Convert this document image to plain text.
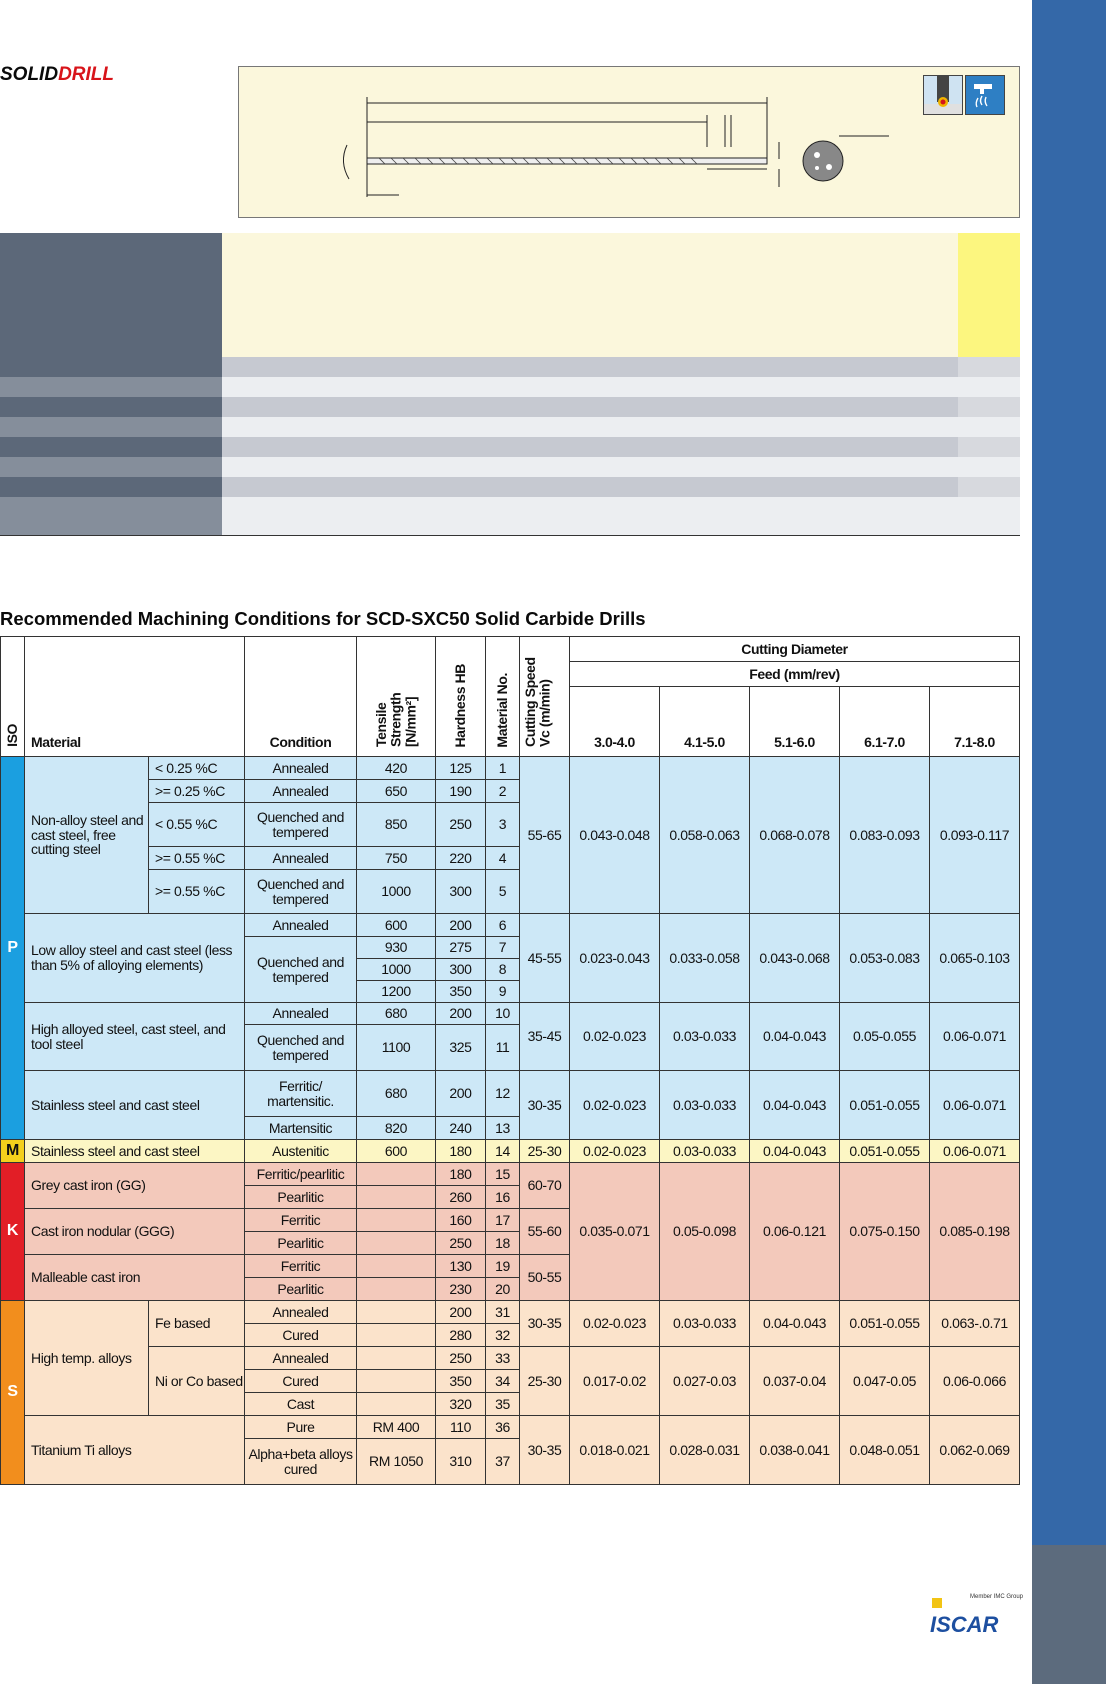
SOLIDDRILL
Recommended Machining Conditions for SCD-SXC50 Solid Carbide Drills
ISO	Material		Condition	Tensile Strength [N/mm²]	Hardness HB	Material No.	Cutting Speed Vc (m/min)	Cutting Diameter				
								Feed (mm/rev)				
								3.0-4.0	4.1-5.0	5.1-6.0	6.1-7.0	7.1-8.0
P	Non-alloy steel and cast steel, free cutting steel	< 0.25 %C	Annealed	420	125	1	55-65	0.043-0.048	0.058-0.063	0.068-0.078	0.083-0.093	0.093-0.117
		>= 0.25 %C	Annealed	650	190	2						
		< 0.55 %C	Quenched and tempered	850	250	3						
		>= 0.55 %C	Annealed	750	220	4						
		>= 0.55 %C	Quenched and tempered	1000	300	5						
	Low alloy steel and cast steel (less than 5% of alloying elements)		Annealed	600	200	6	45-55	0.023-0.043	0.033-0.058	0.043-0.068	0.053-0.083	0.065-0.103
			Quenched and tempered	930	275	7						
				1000	300	8						
				1200	350	9						
	High alloyed steel, cast steel, and tool steel		Annealed	680	200	10	35-45	0.02-0.023	0.03-0.033	0.04-0.043	0.05-0.055	0.06-0.071
			Quenched and tempered	1100	325	11						
	Stainless steel and cast steel		Ferritic/ martensitic.	680	200	12	30-35	0.02-0.023	0.03-0.033	0.04-0.043	0.051-0.055	0.06-0.071
			Martensitic	820	240	13						
M	Stainless steel and cast steel		Austenitic	600	180	14	25-30	0.02-0.023	0.03-0.033	0.04-0.043	0.051-0.055	0.06-0.071
K	Grey cast iron (GG)		Ferritic/pearlitic		180	15	60-70	0.035-0.071	0.05-0.098	0.06-0.121	0.075-0.150	0.085-0.198
			Pearlitic		260	16						
	Cast iron nodular (GGG)		Ferritic		160	17	55-60					
			Pearlitic		250	18						
	Malleable cast iron		Ferritic		130	19	50-55					
			Pearlitic		230	20						
S	High temp. alloys	Fe based	Annealed		200	31	30-35	0.02-0.023	0.03-0.033	0.04-0.043	0.051-0.055	0.063-.0.71
			Cured		280	32						
		Ni or Co based	Annealed		250	33	25-30	0.017-0.02	0.027-0.03	0.037-0.04	0.047-0.05	0.06-0.066
			Cured		350	34						
			Cast		320	35						
	Titanium Ti alloys		Pure	RM 400	110	36	30-35	0.018-0.021	0.028-0.031	0.038-0.041	0.048-0.051	0.062-0.069
			Alpha+beta alloys cured	RM 1050	310	37						
Member IMC Group
ISCAR
